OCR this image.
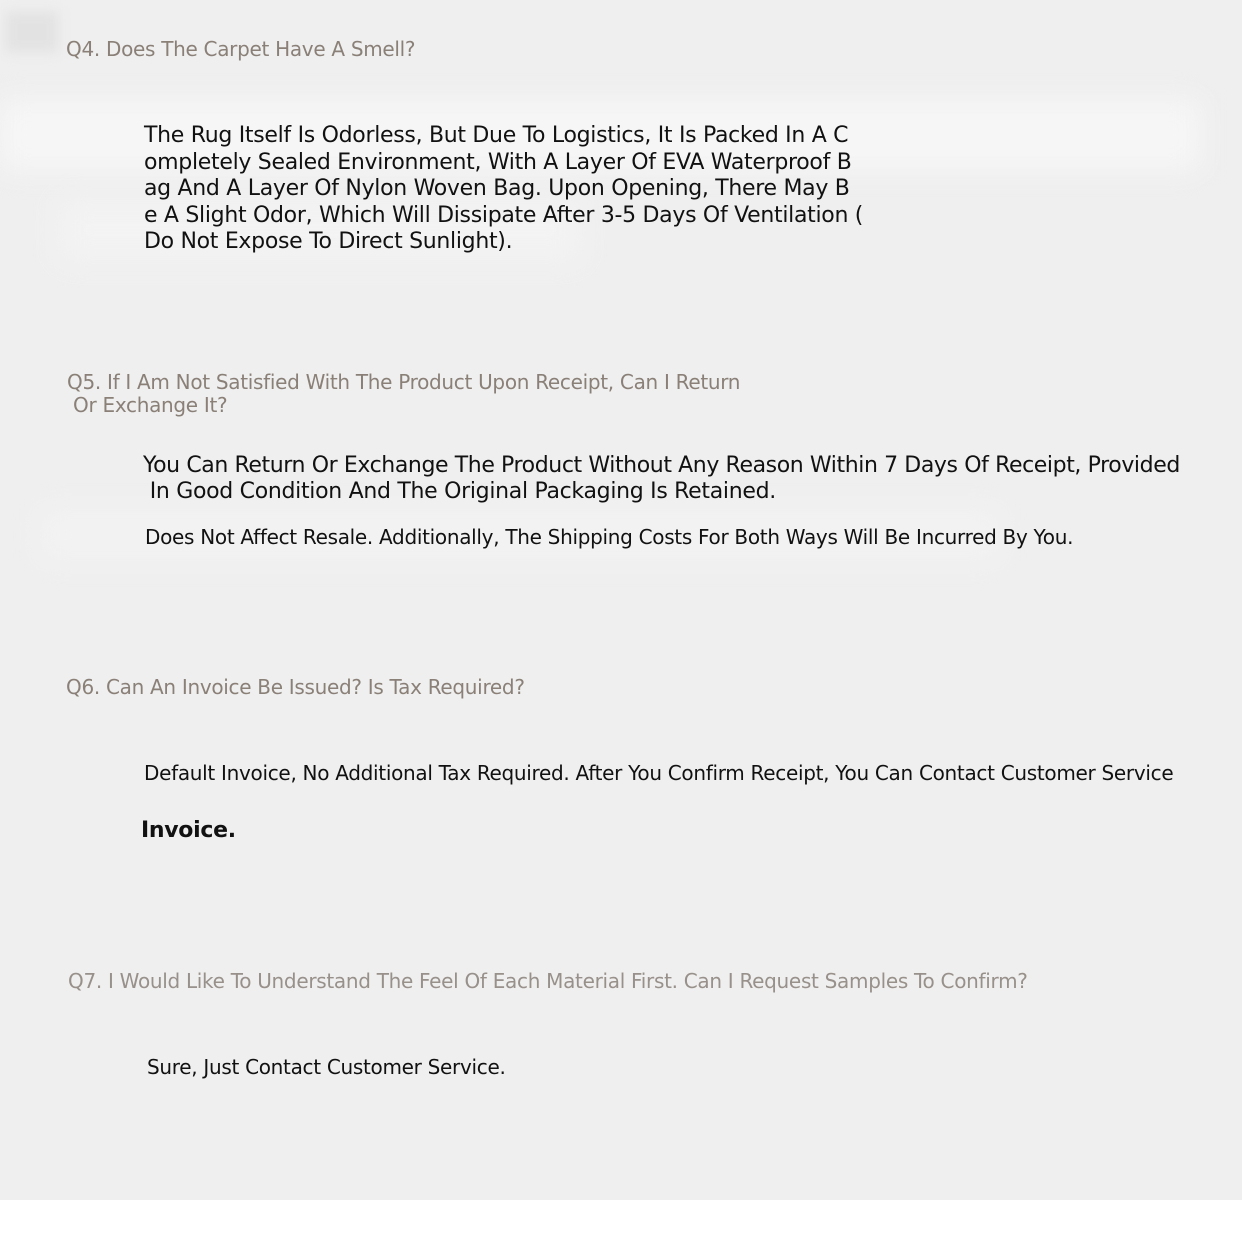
Q4. Does The Carpet Have A Smell?

The Rug Itself Is Odorless, But Due To Logistics, It Is Packed In A C

ompletely Sealed Environment, With A Layer Of EVA Waterproof B

ag And A Layer Of Nylon Woven Bag. Upon Opening, There May B

e A Slight Odor, Which Will Dissipate After 3-5 Days Of Ventilation (

Do Not Expose To Direct Sunlight).

Q5. If I Am Not Satisfied With The Product Upon Receipt, Can I Return

Or Exchange It?

You Can Return Or Exchange The Product Without Any Reason Within 7 Days Of Receipt, Provided

In Good Condition And The Original Packaging Is Retained.

Does Not Affect Resale. Additionally, The Shipping Costs For Both Ways Will Be Incurred By You.

Q6. Can An Invoice Be Issued? Is Tax Required?

Default Invoice, No Additional Tax Required. After You Confirm Receipt, You Can Contact Customer Service

Invoice.

Q7. I Would Like To Understand The Feel Of Each Material First. Can I Request Samples To Confirm?

Sure, Just Contact Customer Service.
